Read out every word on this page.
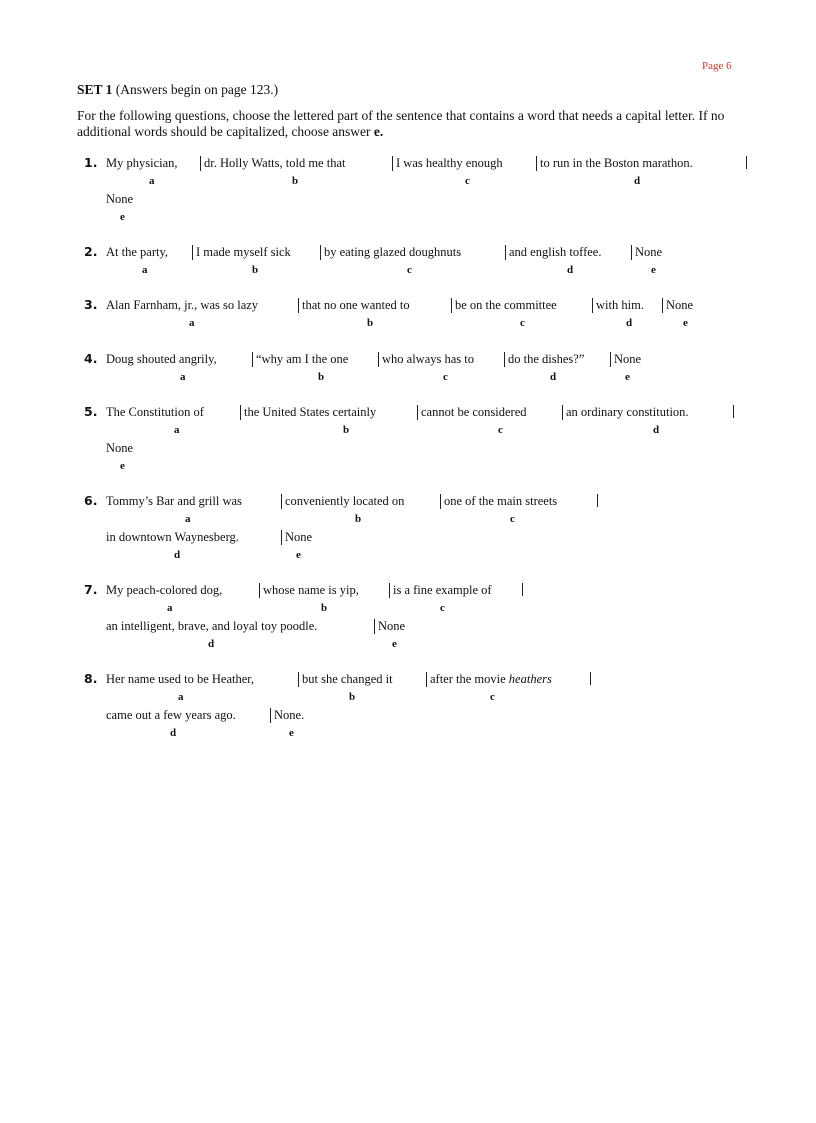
Page 6
SET 1 (Answers begin on page 123.)
For the following questions, choose the lettered part of the sentence that contains a word that needs a capital letter. If no additional words should be capitalized, choose answer e.
1. My physician,	dr. Holly Watts, told me that	I was healthy enough	to run in the Boston marathon.
a	b	c	d
None
e
2. At the party,	I made myself sick	by eating glazed doughnuts	and english toffee.	None
a	b	c	d	e
3. Alan Farnham, jr., was so lazy	that no one wanted to	be on the committee	with him.	None
a	b	c	d	e
4. Doug shouted angrily,	“why am I the one	who always has to	do the dishes?”	None
a	b	c	d	e
5. The Constitution of	the United States certainly	cannot be considered	an ordinary constitution.
a	b	c	d
None
e
6. Tommy’s Bar and grill was	conveniently located on	one of the main streets
a	b	c
in downtown Waynesberg.	None
d	e
7. My peach-colored dog,	whose name is yip,	is a fine example of
a	b	c
an intelligent, brave, and loyal toy poodle.	None
d	e
8. Her name used to be Heather,	but she changed it	after the movie heathers
a	b	c
came out a few years ago.	None.
d	e
